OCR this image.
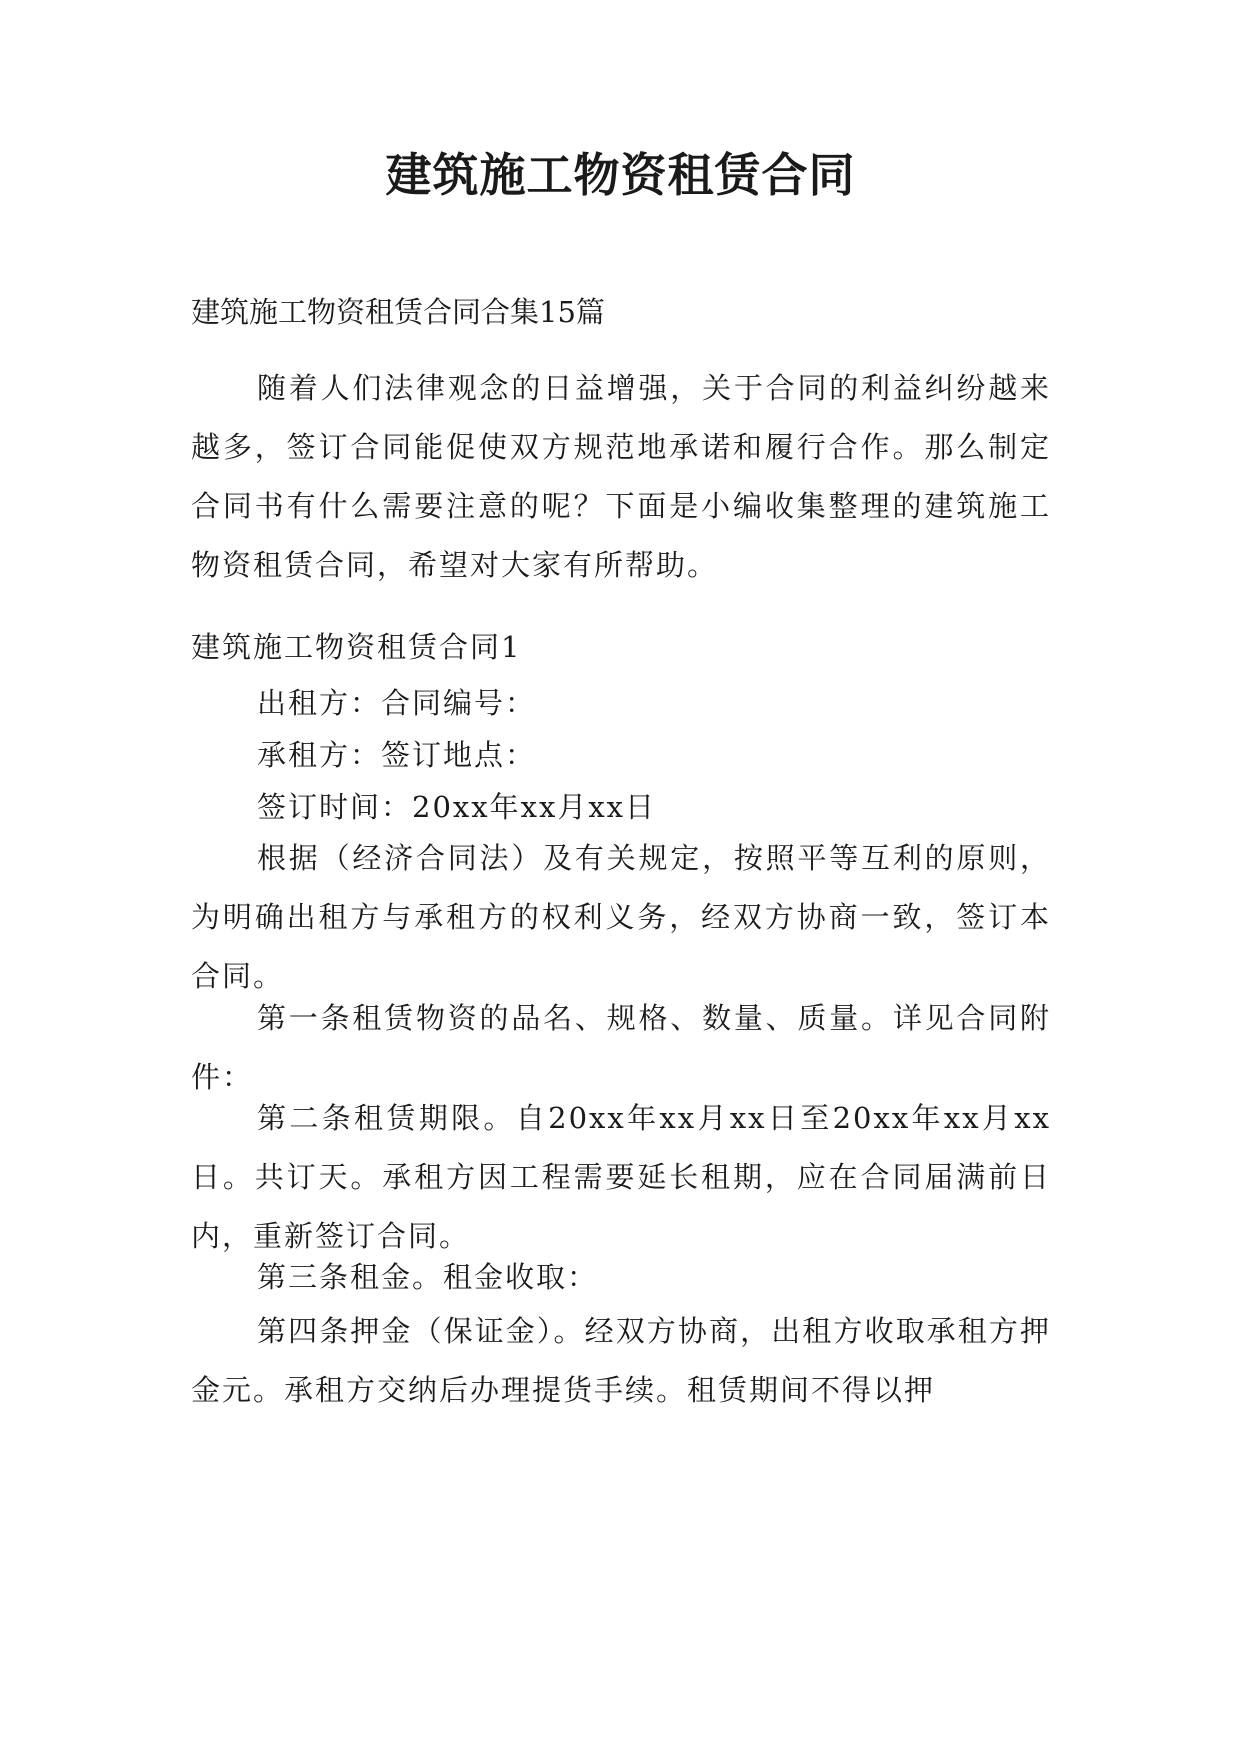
建筑施工物资租赁合同
建筑施工物资租赁合同合集15篇

随着人们法律观念的日益增强，关于合同的利益纠纷越来越多，签订合同能促使双方规范地承诺和履行合作。那么制定合同书有什么需要注意的呢？下面是小编收集整理的建筑施工物资租赁合同，希望对大家有所帮助。

建筑施工物资租赁合同1
出租方：合同编号：
承租方：签订地点：
签订时间：20xx年xx月xx日

根据（经济合同法）及有关规定，按照平等互利的原则，为明确出租方与承租方的权利义务，经双方协商一致，签订本合同。

第一条租赁物资的品名、规格、数量、质量。详见合同附件：

第二条租赁期限。自20xx年xx月xx日至20xx年xx月xx日。共订天。承租方因工程需要延长租期，应在合同届满前日内，重新签订合同。

第三条租金。租金收取：

第四条押金（保证金）。经双方协商，出租方收取承租方押金元。承租方交纳后办理提货手续。租赁期间不得以押
